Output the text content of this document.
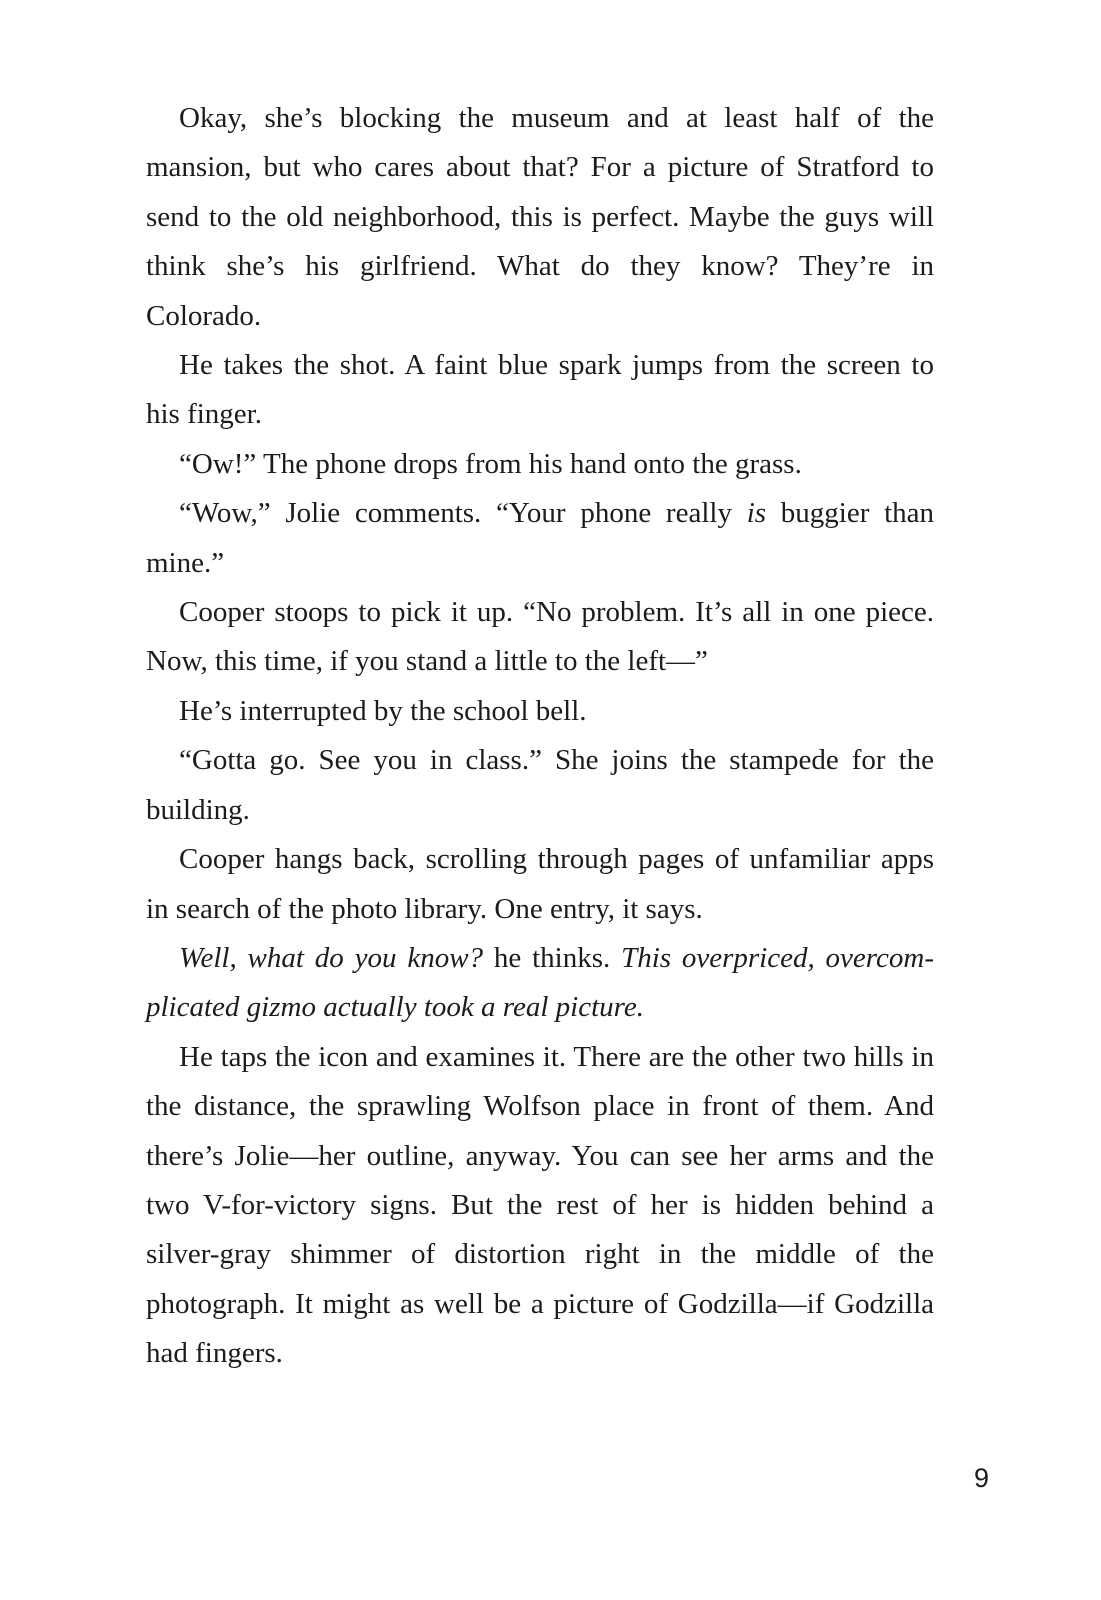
Okay, she’s blocking the museum and at least half of the mansion, but who cares about that? For a picture of Stratford to send to the old neighborhood, this is perfect. Maybe the guys will think she’s his girlfriend. What do they know? They’re in Colorado.

He takes the shot. A faint blue spark jumps from the screen to his finger.

“Ow!” The phone drops from his hand onto the grass.

“Wow,” Jolie comments. “Your phone really is buggier than mine.”

Cooper stoops to pick it up. “No problem. It’s all in one piece. Now, this time, if you stand a little to the left—”

He’s interrupted by the school bell.

“Gotta go. See you in class.” She joins the stampede for the building.

Cooper hangs back, scrolling through pages of unfamiliar apps in search of the photo library. One entry, it says.

Well, what do you know? he thinks. This overpriced, overcomplicated gizmo actually took a real picture.

He taps the icon and examines it. There are the other two hills in the distance, the sprawling Wolfson place in front of them. And there’s Jolie—her outline, anyway. You can see her arms and the two V-for-victory signs. But the rest of her is hidden behind a silver-gray shimmer of distortion right in the middle of the photograph. It might as well be a picture of Godzilla—if Godzilla had fingers.

9
